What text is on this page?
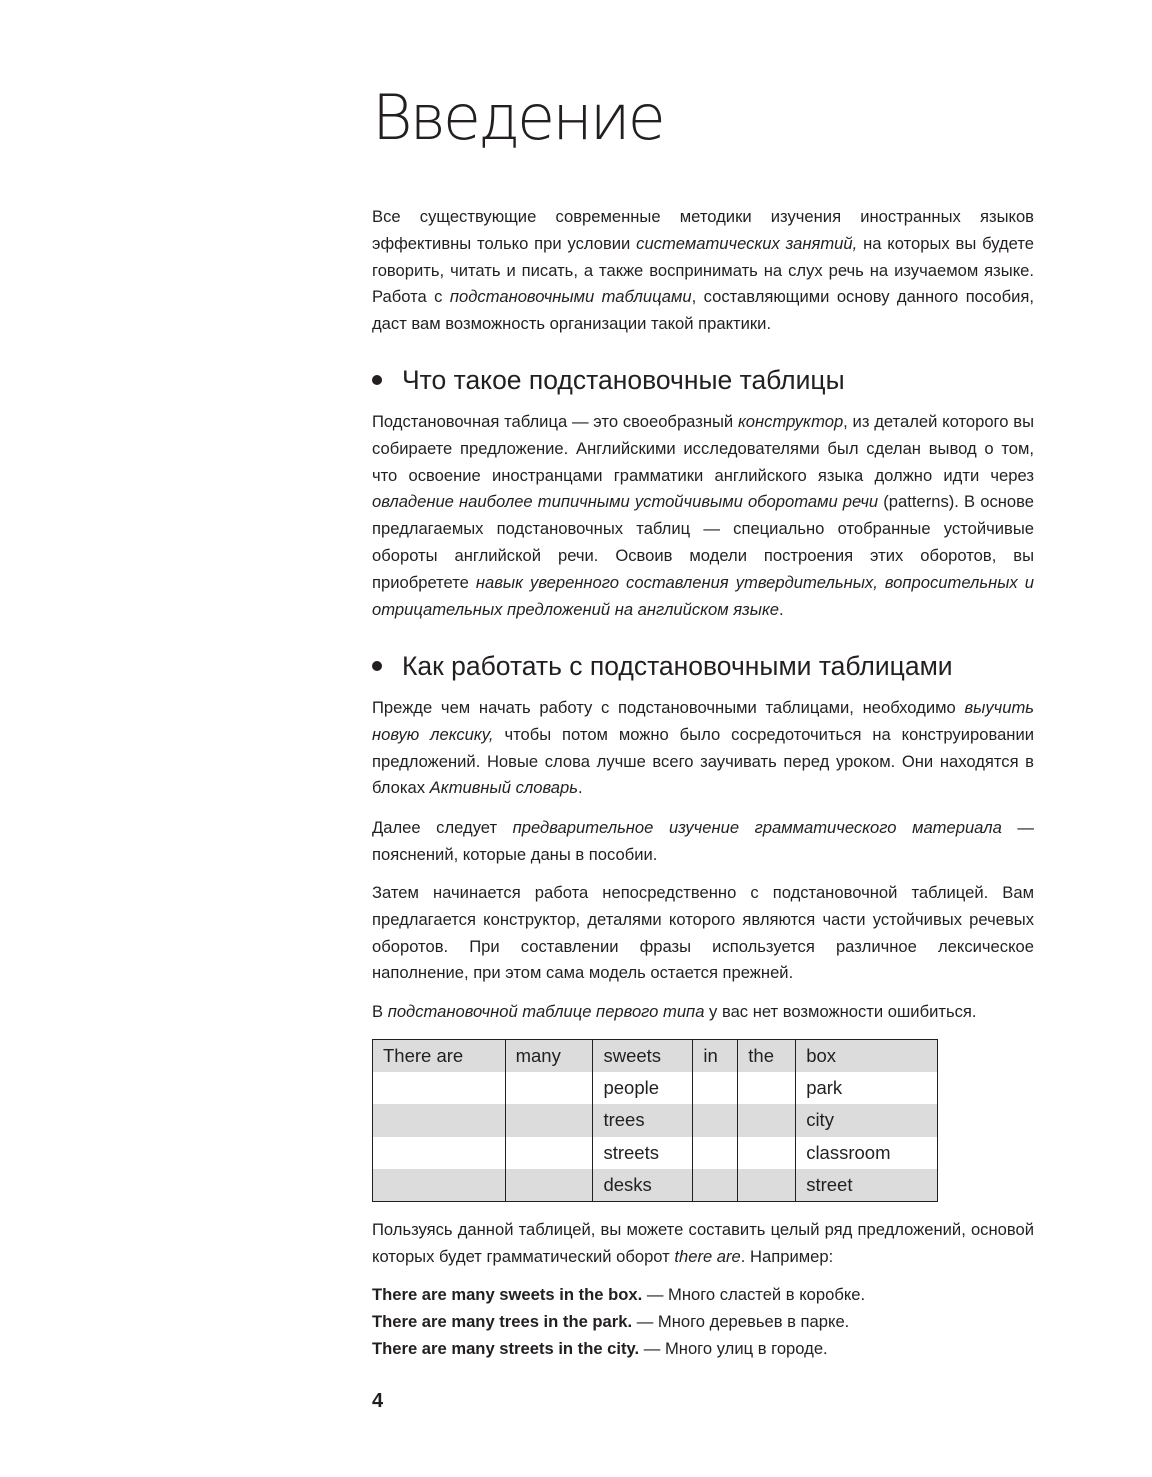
Введение

Все существующие современные методики изучения иностранных языков эффективны только при условии систематических занятий, на которых вы будете говорить, читать и писать, а также воспринимать на слух речь на изучаемом языке. Работа с подстановочными таблицами, составляющими основу данного пособия, даст вам возможность организации такой практики.

Что такое подстановочные таблицы

Подстановочная таблица — это своеобразный конструктор, из деталей которого вы собираете предложение. Английскими исследователями был сделан вывод о том, что освоение иностранцами грамматики английского языка должно идти через овладение наиболее типичными устойчивыми оборотами речи (patterns). В основе предлагаемых подстановочных таблиц — специально отобранные устойчивые обороты английской речи. Освоив модели построения этих оборотов, вы приобретете навык уверенного составления утвердительных, вопросительных и отрицательных предложений на английском языке.

Как работать с подстановочными таблицами

Прежде чем начать работу с подстановочными таблицами, необходимо выучить новую лексику, чтобы потом можно было сосредоточиться на конструировании предложений. Новые слова лучше всего заучивать перед уроком. Они находятся в блоках Активный словарь.

Далее следует предварительное изучение грамматического материала — пояснений, которые даны в пособии.

Затем начинается работа непосредственно с подстановочной таблицей. Вам предлагается конструктор, деталями которого являются части устойчивых речевых оборотов. При составлении фразы используется различное лексическое наполнение, при этом сама модель остается прежней.

В подстановочной таблице первого типа у вас нет возможности ошибиться.

There are	many	sweets	in	the	box
		people			park
		trees			city
		streets			classroom
		desks			street

Пользуясь данной таблицей, вы можете составить целый ряд предложений, основой которых будет грамматический оборот there are. Например:

There are many sweets in the box. — Много сластей в коробке.
There are many trees in the park. — Много деревьев в парке.
There are many streets in the city. — Много улиц в городе.
4
